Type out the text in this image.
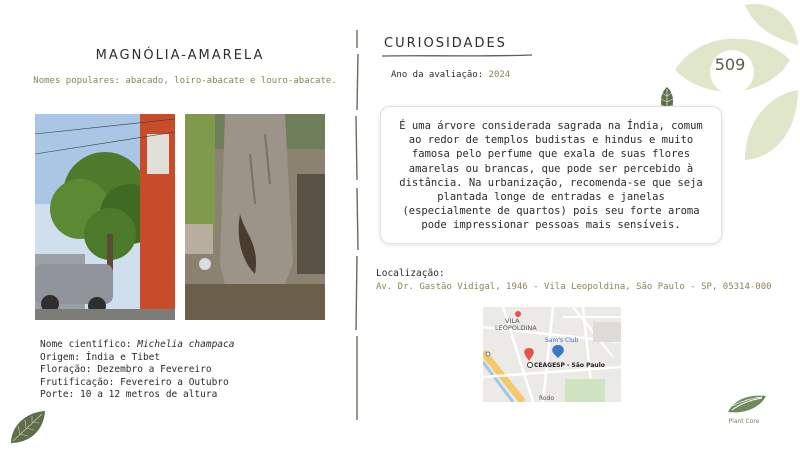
509
MAGNÓLIA-AMARELA
Nomes populares: abacado, loiro-abacate e louro-abacate.
Nome científico: Michelia champaca
Origem: Índia e Tibet
Floração: Dezembro a Fevereiro
Frutificação: Fevereiro a Outubro
Porte: 10 a 12 metros de altura
CURIOSIDADES
Ano da avaliação: 2024
É uma árvore considerada sagrada na Índia, comum ao redor de templos budistas e hindus e muito famosa pelo perfume que exala de suas flores amarelas ou brancas, que pode ser percebido à distância. Na urbanização, recomenda-se que seja plantada longe de entradas e janelas (especialmente de quartos) pois seu forte aroma pode impressionar pessoas mais sensíveis.
Localização:
Av. Dr. Gastão Vidigal, 1946 - Vila Leopoldina, São Paulo - SP, 05314-000
VILA
LEOPOLDINA
Sam's Club
CEAGESP - São Paulo
Rodo
Plant Core
